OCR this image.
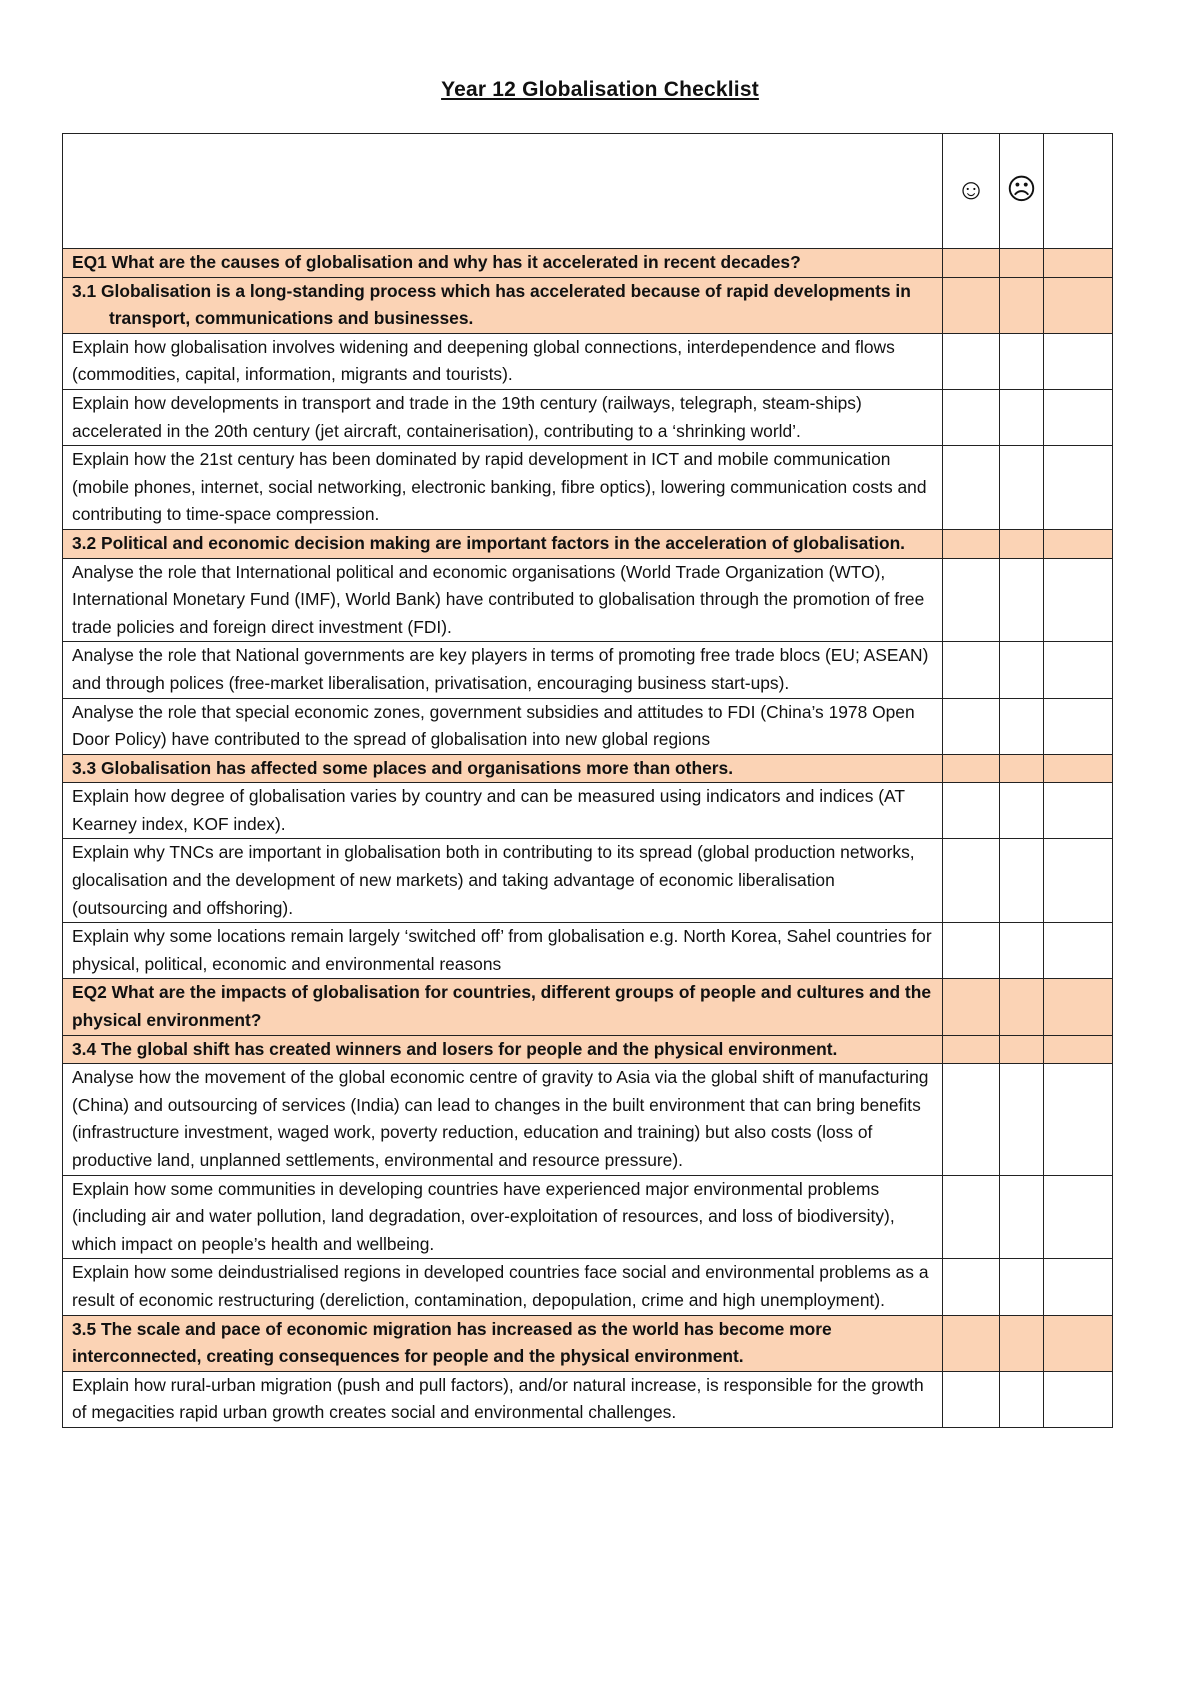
Year 12 Globalisation Checklist
	☺	☹	
EQ1 What are the causes of globalisation and why has it accelerated in recent decades?			
3.1 Globalisation is a long-standing process which has accelerated because of rapid developments in transport, communications and businesses.			
Explain how globalisation involves widening and deepening global connections, interdependence and flows (commodities, capital, information, migrants and tourists).			
Explain how developments in transport and trade in the 19th century (railways, telegraph, steam-ships) accelerated in the 20th century (jet aircraft, containerisation), contributing to a ‘shrinking world’.			
Explain how the 21st century has been dominated by rapid development in ICT and mobile communication (mobile phones, internet, social networking, electronic banking, fibre optics), lowering communication costs and contributing to time-space compression.			
3.2 Political and economic decision making are important factors in the acceleration of globalisation.			
Analyse the role that International political and economic organisations (World Trade Organization (WTO), International Monetary Fund (IMF), World Bank) have contributed to globalisation through the promotion of free trade policies and foreign direct investment (FDI).			
Analyse the role that National governments are key players in terms of promoting free trade blocs (EU; ASEAN) and through polices (free-market liberalisation, privatisation, encouraging business start-ups).			
Analyse the role that special economic zones, government subsidies and attitudes to FDI (China’s 1978 Open Door Policy) have contributed to the spread of globalisation into new global regions			
3.3 Globalisation has affected some places and organisations more than others.			
Explain how degree of globalisation varies by country and can be measured using indicators and indices (AT Kearney index, KOF index).			
Explain why TNCs are important in globalisation both in contributing to its spread (global production networks, glocalisation and the development of new markets) and taking advantage of economic liberalisation (outsourcing and offshoring).			
Explain why some locations remain largely ‘switched off’ from globalisation e.g. North Korea, Sahel countries for physical, political, economic and environmental reasons			
EQ2 What are the impacts of globalisation for countries, different groups of people and cultures and the physical environment?			
3.4 The global shift has created winners and losers for people and the physical environment.			
Analyse how the movement of the global economic centre of gravity to Asia via the global shift of manufacturing (China) and outsourcing of services (India) can lead to changes in the built environment that can bring benefits (infrastructure investment, waged work, poverty reduction, education and training) but also costs (loss of productive land, unplanned settlements, environmental and resource pressure).			
Explain how some communities in developing countries have experienced major environmental problems (including air and water pollution, land degradation, over-exploitation of resources, and loss of biodiversity), which impact on people’s health and wellbeing.			
Explain how some deindustrialised regions in developed countries face social and environmental problems as a result of economic restructuring (dereliction, contamination, depopulation, crime and high unemployment).			
3.5 The scale and pace of economic migration has increased as the world has become more interconnected, creating consequences for people and the physical environment.			
Explain how rural-urban migration (push and pull factors), and/or natural increase, is responsible for the growth of megacities rapid urban growth creates social and environmental challenges.			
